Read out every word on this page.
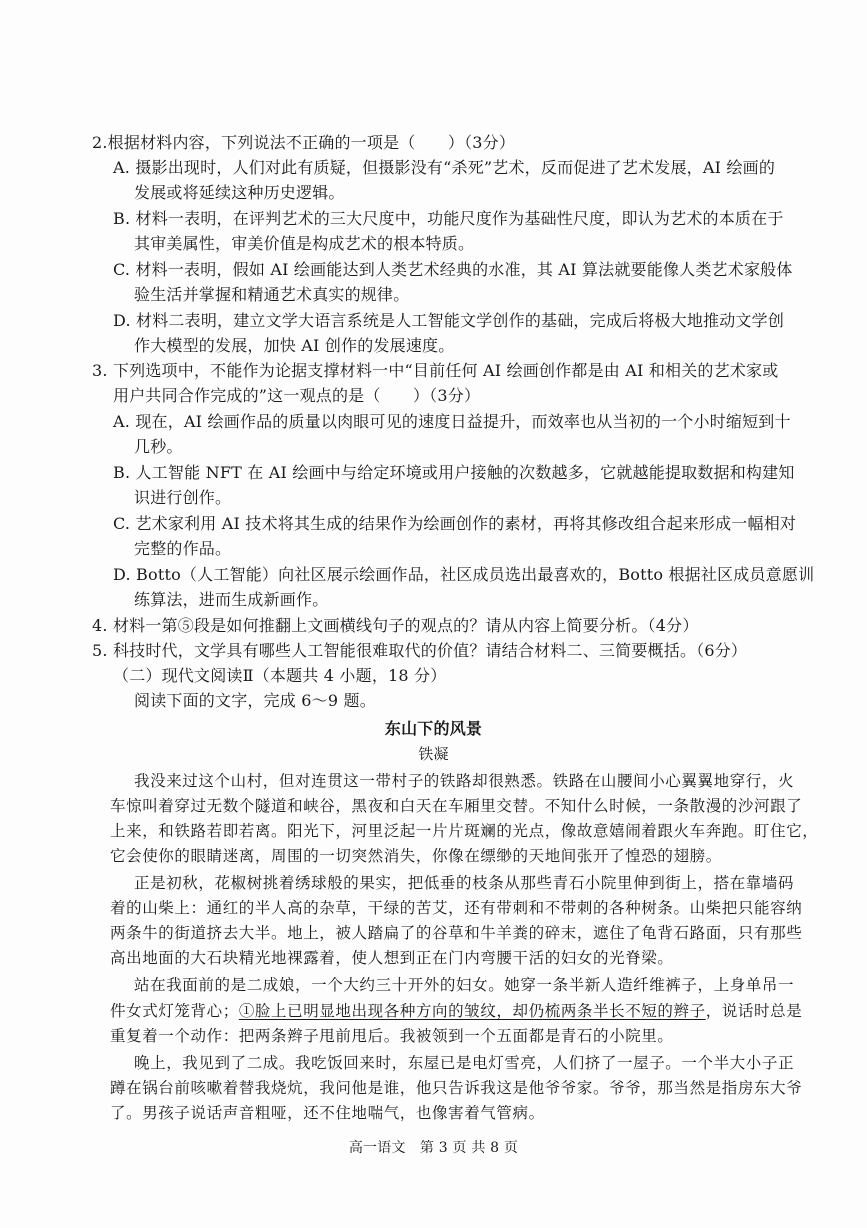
2.根据材料内容，下列说法不正确的一项是（　　）（3分）
A. 摄影出现时，人们对此有质疑，但摄影没有“杀死”艺术，反而促进了艺术发展，AI 绘画的
发展或将延续这种历史逻辑。
B. 材料一表明，在评判艺术的三大尺度中，功能尺度作为基础性尺度，即认为艺术的本质在于
其审美属性，审美价值是构成艺术的根本特质。
C. 材料一表明，假如 AI 绘画能达到人类艺术经典的水准，其 AI 算法就要能像人类艺术家般体
验生活并掌握和精通艺术真实的规律。
D. 材料二表明，建立文学大语言系统是人工智能文学创作的基础，完成后将极大地推动文学创
作大模型的发展，加快 AI 创作的发展速度。
3. 下列选项中，不能作为论据支撑材料一中“目前任何 AI 绘画创作都是由 AI 和相关的艺术家或
用户共同合作完成的”这一观点的是（　　）（3分）
A. 现在，AI 绘画作品的质量以肉眼可见的速度日益提升，而效率也从当初的一个小时缩短到十
几秒。
B. 人工智能 NFT 在 AI 绘画中与给定环境或用户接触的次数越多，它就越能提取数据和构建知
识进行创作。
C. 艺术家利用 AI 技术将其生成的结果作为绘画创作的素材，再将其修改组合起来形成一幅相对
完整的作品。
D. Botto（人工智能）向社区展示绘画作品，社区成员选出最喜欢的，Botto 根据社区成员意愿训
练算法，进而生成新画作。
4. 材料一第⑤段是如何推翻上文画横线句子的观点的？请从内容上简要分析。（4分）
5. 科技时代，文学具有哪些人工智能很难取代的价值？请结合材料二、三简要概括。（6分）
（二）现代文阅读Ⅱ（本题共 4 小题，18 分）
阅读下面的文字，完成 6～9 题。
东山下的风景
铁凝
我没来过这个山村，但对连贯这一带村子的铁路却很熟悉。铁路在山腰间小心翼翼地穿行，火
车惊叫着穿过无数个隧道和峡谷，黑夜和白天在车厢里交替。不知什么时候，一条散漫的沙河跟了
上来，和铁路若即若离。阳光下，河里泛起一片片斑斓的光点，像故意嬉闹着跟火车奔跑。盯住它，
它会使你的眼睛迷离，周围的一切突然消失，你像在缥缈的天地间张开了惶恐的翅膀。
正是初秋，花椒树挑着绣球般的果实，把低垂的枝条从那些青石小院里伸到街上，搭在靠墙码
着的山柴上：通红的半人高的杂草，干绿的苦艾，还有带刺和不带刺的各种树条。山柴把只能容纳
两条牛的街道挤去大半。地上，被人踏扁了的谷草和牛羊粪的碎末，遮住了龟背石路面，只有那些
高出地面的大石块精光地裸露着，使人想到正在门内弯腰干活的妇女的光脊梁。
站在我面前的是二成娘，一个大约三十开外的妇女。她穿一条半新人造纤维裤子，上身单吊一
件女式灯笼背心；①脸上已明显地出现各种方向的皱纹，却仍梳两条半长不短的辫子，说话时总是
重复着一个动作：把两条辫子甩前甩后。我被领到一个五面都是青石的小院里。
晚上，我见到了二成。我吃饭回来时，东屋已是电灯雪亮，人们挤了一屋子。一个半大小子正
蹲在锅台前咳嗽着替我烧炕，我问他是谁，他只告诉我这是他爷爷家。爷爷，那当然是指房东大爷
了。男孩子说话声音粗哑，还不住地喘气，也像害着气管病。
高一语文　第 3 页 共 8 页
